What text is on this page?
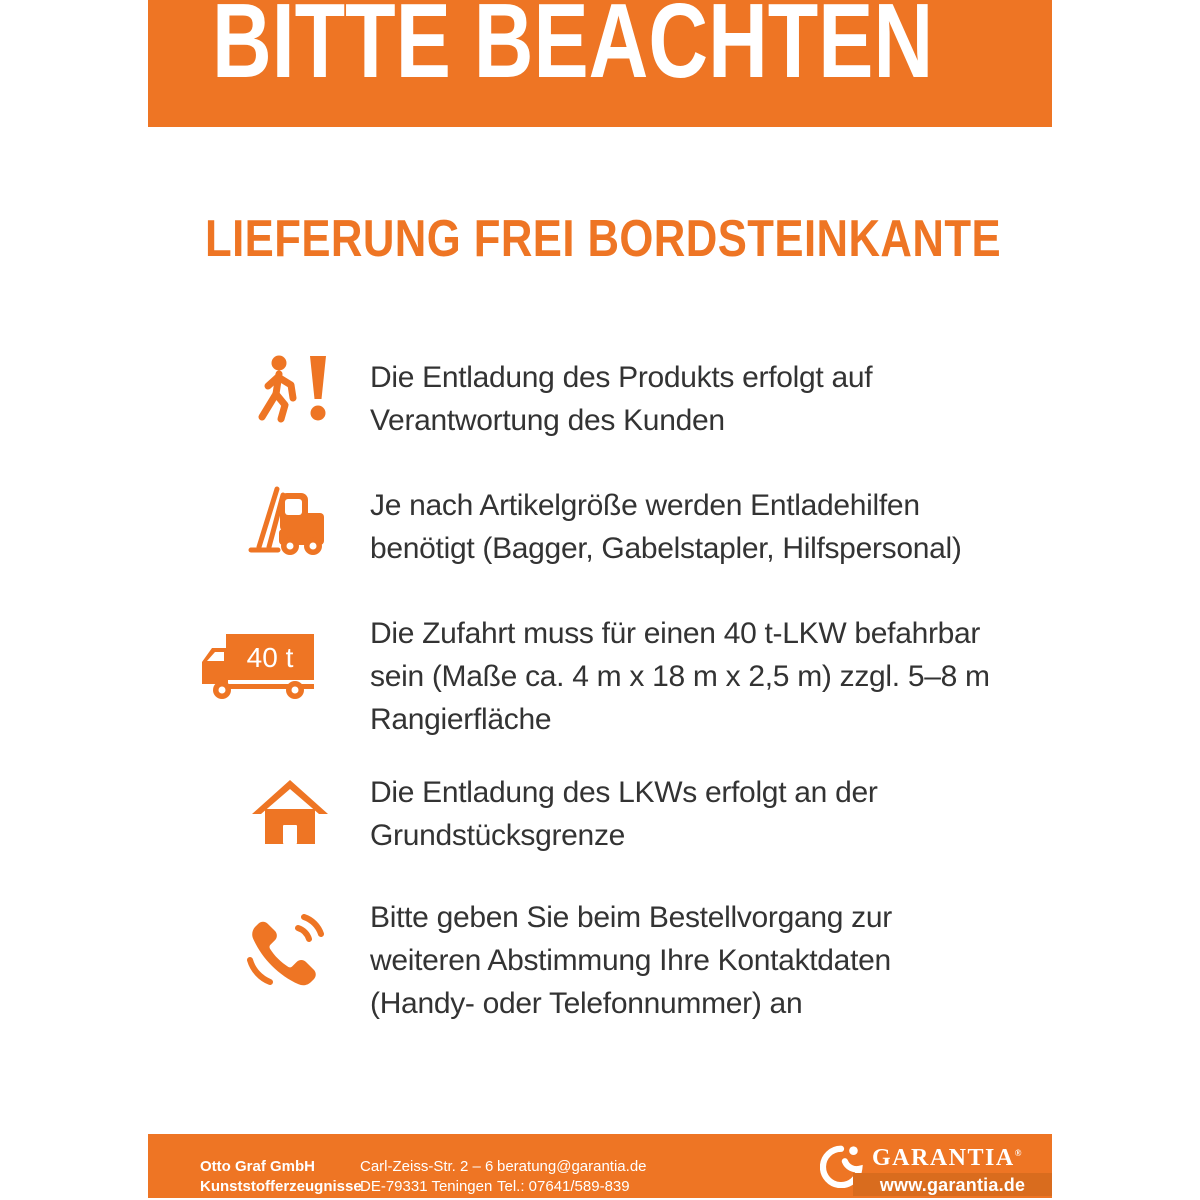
BITTE BEACHTEN
LIEFERUNG FREI BORDSTEINKANTE
Die Entladung des Produkts erfolgt auf
Verantwortung des Kunden
Je nach Artikelgröße werden Entladehilfen
benötigt (Bagger, Gabelstapler, Hilfspersonal)
40 t
Die Zufahrt muss für einen 40 t-LKW befahrbar
sein (Maße ca. 4 m x 18 m x 2,5 m) zzgl. 5–8 m
Rangierfläche
Die Entladung des LKWs erfolgt an der
Grundstücksgrenze
Bitte geben Sie beim Bestellvorgang zur
weiteren Abstimmung Ihre Kontaktdaten
(Handy- oder Telefonnummer) an
Otto Graf GmbH
Kunststofferzeugnisse
Carl-Zeiss-Str. 2 – 6
DE-79331 Teningen
beratung@garantia.de
Tel.: 07641/589-839
GARANTIA®
www.garantia.de
